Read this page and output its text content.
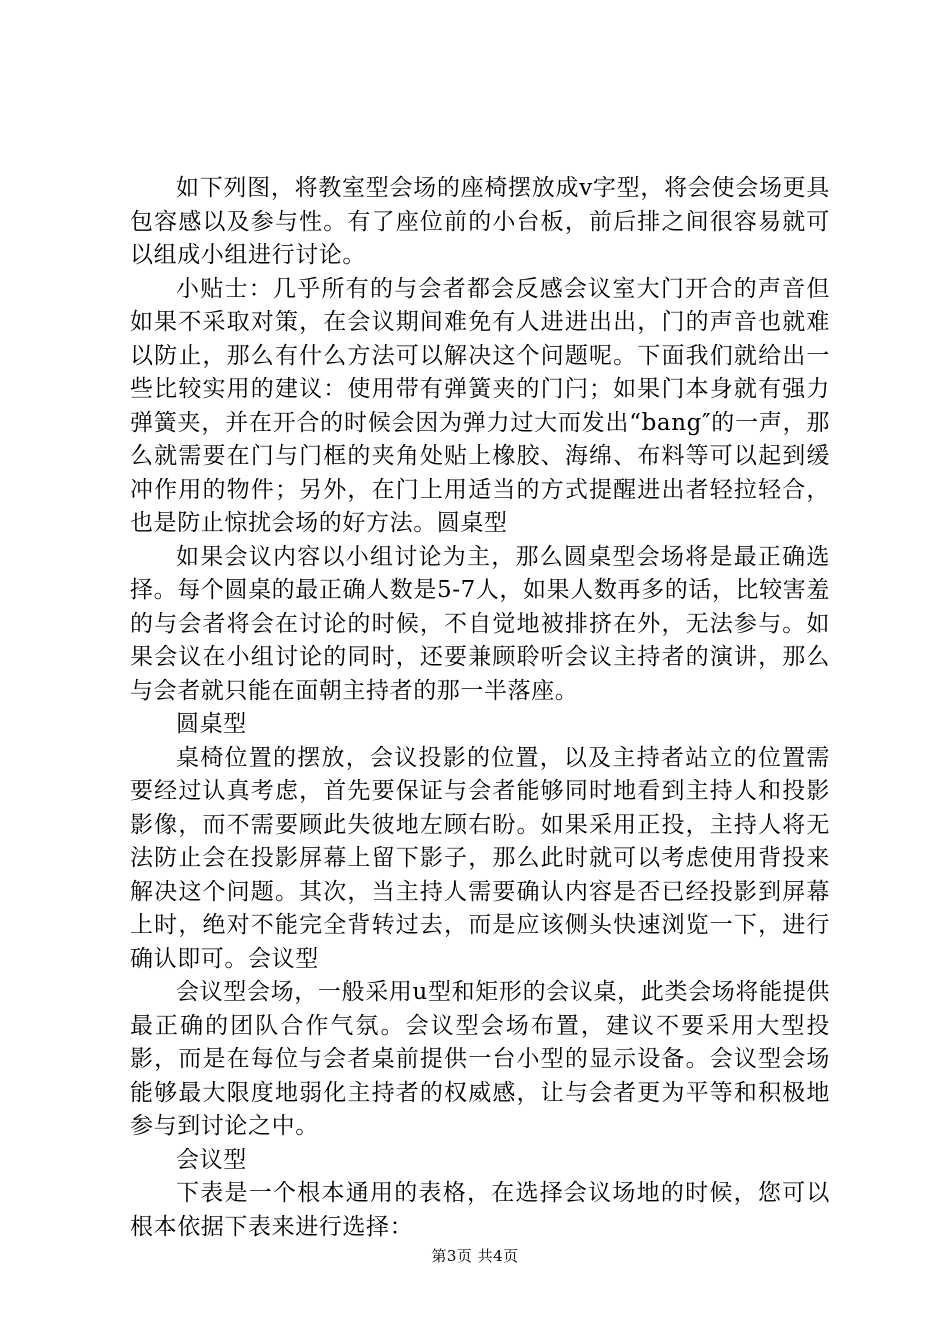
如下列图，将教室型会场的座椅摆放成v字型，将会使会场更具包容感以及参与性。有了座位前的小台板，前后排之间很容易就可以组成小组进行讨论。

小贴士：几乎所有的与会者都会反感会议室大门开合的声音但如果不采取对策，在会议期间难免有人进进出出，门的声音也就难以防止，那么有什么方法可以解决这个问题呢。下面我们就给出一些比较实用的建议：使用带有弹簧夹的门闩；如果门本身就有强力弹簧夹，并在开合的时候会因为弹力过大而发出“bang″的一声，那么就需要在门与门框的夹角处贴上橡胶、海绵、布料等可以起到缓冲作用的物件；另外，在门上用适当的方式提醒进出者轻拉轻合，也是防止惊扰会场的好方法。圆桌型

如果会议内容以小组讨论为主，那么圆桌型会场将是最正确选择。每个圆桌的最正确人数是5-7人，如果人数再多的话，比较害羞的与会者将会在讨论的时候，不自觉地被排挤在外，无法参与。如果会议在小组讨论的同时，还要兼顾聆听会议主持者的演讲，那么与会者就只能在面朝主持者的那一半落座。

圆桌型

桌椅位置的摆放，会议投影的位置，以及主持者站立的位置需要经过认真考虑，首先要保证与会者能够同时地看到主持人和投影影像，而不需要顾此失彼地左顾右盼。如果采用正投，主持人将无法防止会在投影屏幕上留下影子，那么此时就可以考虑使用背投来解决这个问题。其次，当主持人需要确认内容是否已经投影到屏幕上时，绝对不能完全背转过去，而是应该侧头快速浏览一下，进行确认即可。会议型

会议型会场，一般采用u型和矩形的会议桌，此类会场将能提供最正确的团队合作气氛。会议型会场布置，建议不要采用大型投影，而是在每位与会者桌前提供一台小型的显示设备。会议型会场能够最大限度地弱化主持者的权威感，让与会者更为平等和积极地参与到讨论之中。

会议型

下表是一个根本通用的表格，在选择会议场地的时候，您可以根本依据下表来进行选择：

第3页 共4页
